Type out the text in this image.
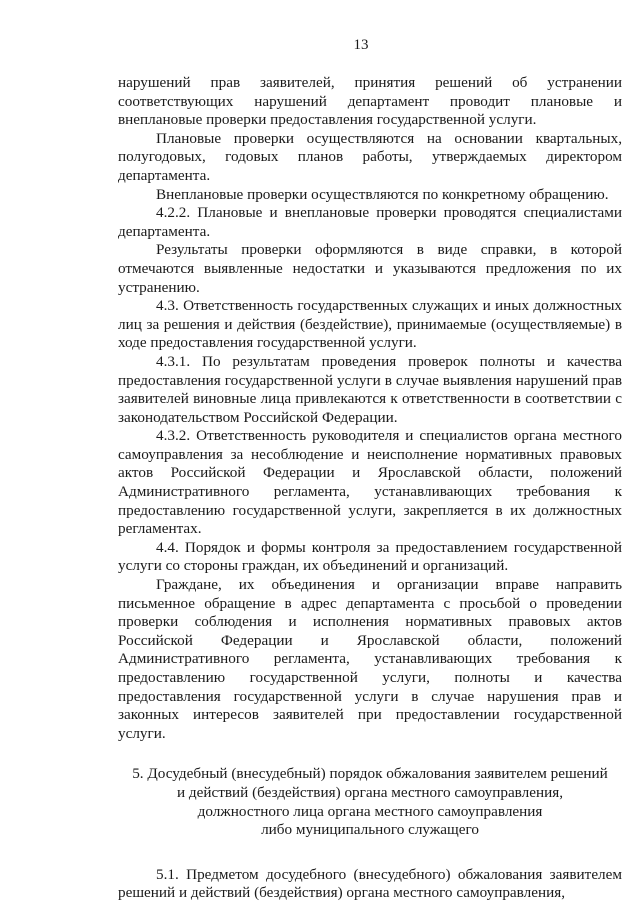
13

нарушений прав заявителей, принятия решений об устранении соответствующих нарушений департамент проводит плановые и внеплановые проверки предоставления государственной услуги.

Плановые проверки осуществляются на основании квартальных, полугодовых, годовых планов работы, утверждаемых директором департамента.

Внеплановые проверки осуществляются по конкретному обращению.

4.2.2. Плановые и внеплановые проверки проводятся специалистами департамента.

Результаты проверки оформляются в виде справки, в которой отмечаются выявленные недостатки и указываются предложения по их устранению.

4.3. Ответственность государственных служащих и иных должностных лиц за решения и действия (бездействие), принимаемые (осуществляемые) в ходе предоставления государственной услуги.

4.3.1. По результатам проведения проверок полноты и качества предоставления государственной услуги в случае выявления нарушений прав заявителей виновные лица привлекаются к ответственности в соответствии с законодательством Российской Федерации.

4.3.2. Ответственность руководителя и специалистов органа местного самоуправления за несоблюдение и неисполнение нормативных правовых актов Российской Федерации и Ярославской области, положений Административного регламента, устанавливающих требования к предоставлению государственной услуги, закрепляется в их должностных регламентах.

4.4. Порядок и формы контроля за предоставлением государственной услуги со стороны граждан, их объединений и организаций.

Граждане, их объединения и организации вправе направить письменное обращение в адрес департамента с просьбой о проведении проверки соблюдения и исполнения нормативных правовых актов Российской Федерации и Ярославской области, положений Административного регламента, устанавливающих требования к предоставлению государственной услуги, полноты и качества предоставления государственной услуги в случае нарушения прав и законных интересов заявителей при предоставлении государственной услуги.

5. Досудебный (внесудебный) порядок обжалования заявителем решений
и действий (бездействия) органа местного самоуправления,
должностного лица органа местного самоуправления
либо муниципального служащего

5.1. Предметом досудебного (внесудебного) обжалования заявителем решений и действий (бездействия) органа местного самоуправления,
